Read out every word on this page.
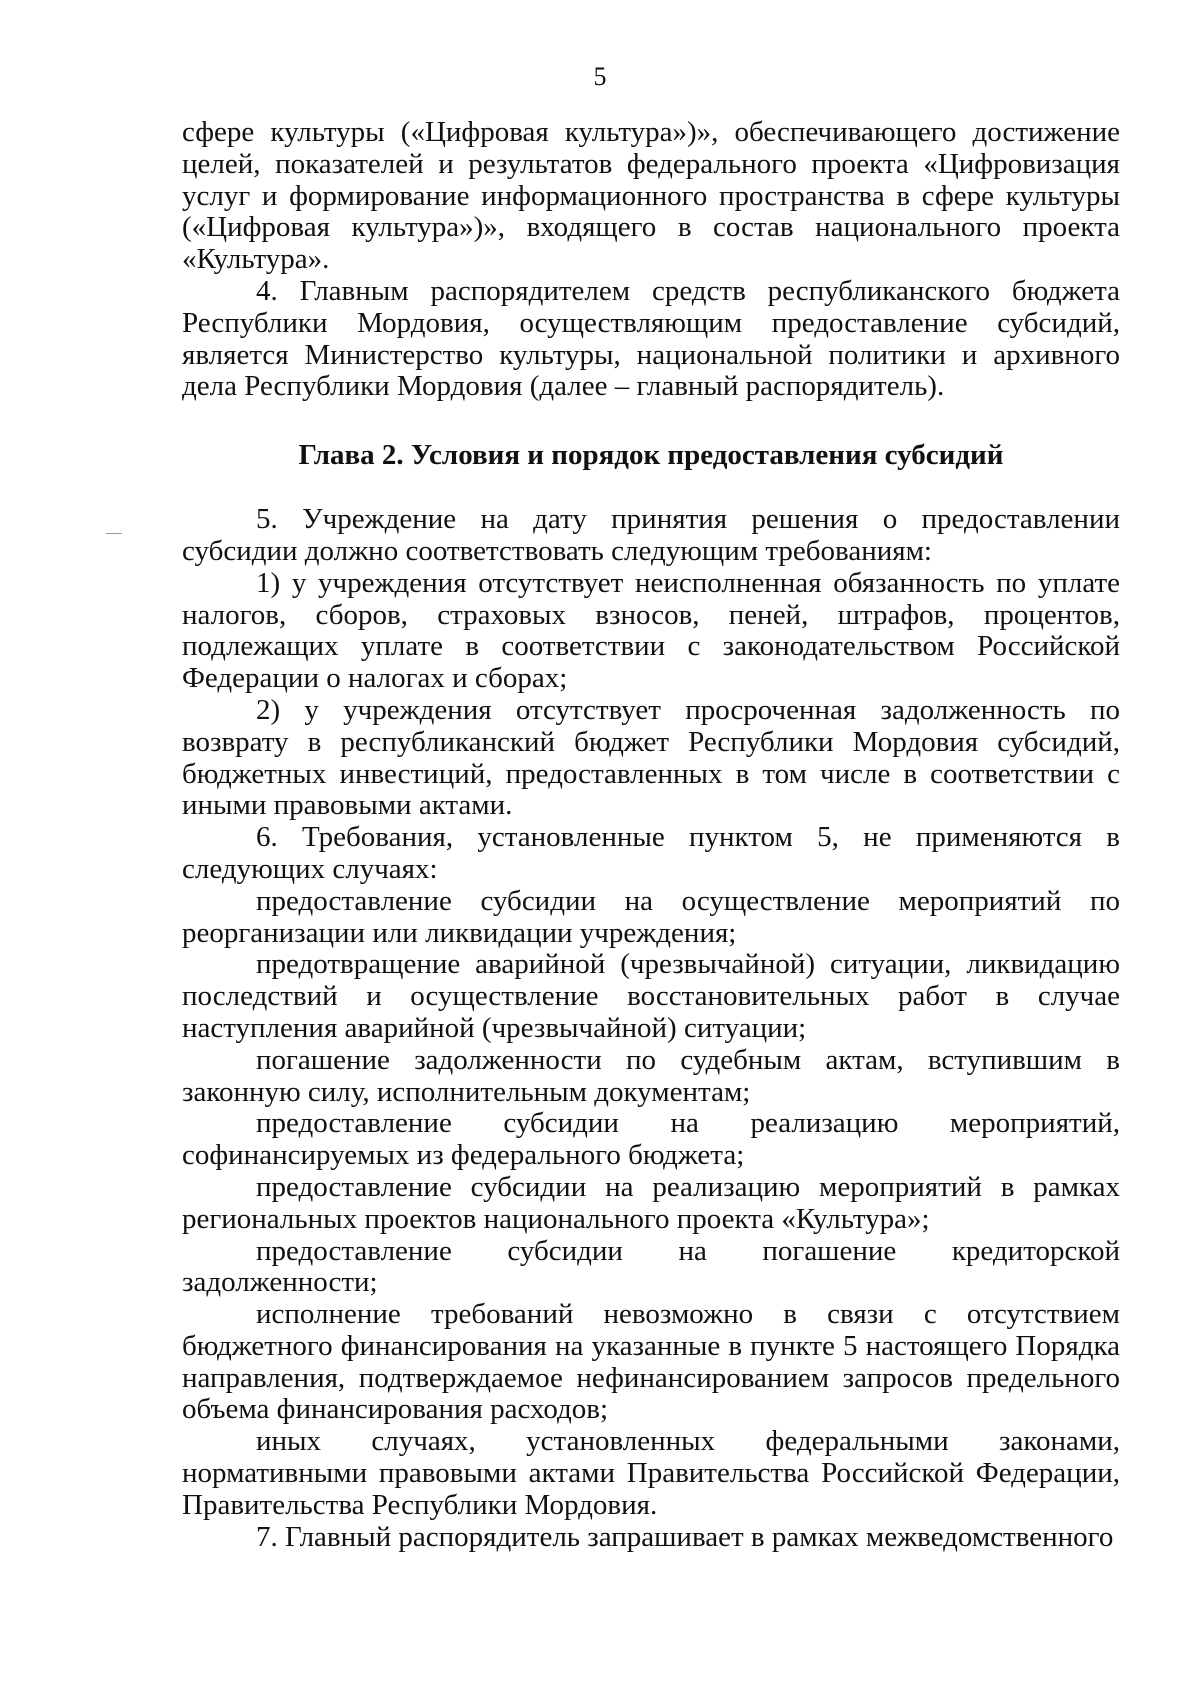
5

сфере культуры («Цифровая культура»)», обеспечивающего достижение целей, показателей и результатов федерального проекта «Цифровизация услуг и формирование информационного пространства в сфере культуры («Цифровая культура»)», входящего в состав национального проекта «Культура».

4. Главным распорядителем средств республиканского бюджета Республики Мордовия, осуществляющим предоставление субсидий, является Министерство культуры, национальной политики и архивного дела Республики Мордовия (далее – главный распорядитель).

Глава 2. Условия и порядок предоставления субсидий

5. Учреждение на дату принятия решения о предоставлении субсидии должно соответствовать следующим требованиям:

1) у учреждения отсутствует неисполненная обязанность по уплате налогов, сборов, страховых взносов, пеней, штрафов, процентов, подлежащих уплате в соответствии с законодательством Российской Федерации о налогах и сборах;

2) у учреждения отсутствует просроченная задолженность по возврату в республиканский бюджет Республики Мордовия субсидий, бюджетных инвестиций, предоставленных в том числе в соответствии с иными правовыми актами.

6. Требования, установленные пунктом 5, не применяются в следующих случаях:

предоставление субсидии на осуществление мероприятий по реорганизации или ликвидации учреждения;

предотвращение аварийной (чрезвычайной) ситуации, ликвидацию последствий и осуществление восстановительных работ в случае наступления аварийной (чрезвычайной) ситуации;

погашение задолженности по судебным актам, вступившим в законную силу, исполнительным документам;

предоставление субсидии на реализацию мероприятий, софинансируемых из федерального бюджета;

предоставление субсидии на реализацию мероприятий в рамках региональных проектов национального проекта «Культура»;

предоставление субсидии на погашение кредиторской задолженности;

исполнение требований невозможно в связи с отсутствием бюджетного финансирования на указанные в пункте 5 настоящего Порядка направления, подтверждаемое нефинансированием запросов предельного объема финансирования расходов;

иных случаях, установленных федеральными законами, нормативными правовыми актами Правительства Российской Федерации, Правительства Республики Мордовия.

7. Главный распорядитель запрашивает в рамках межведомственного
